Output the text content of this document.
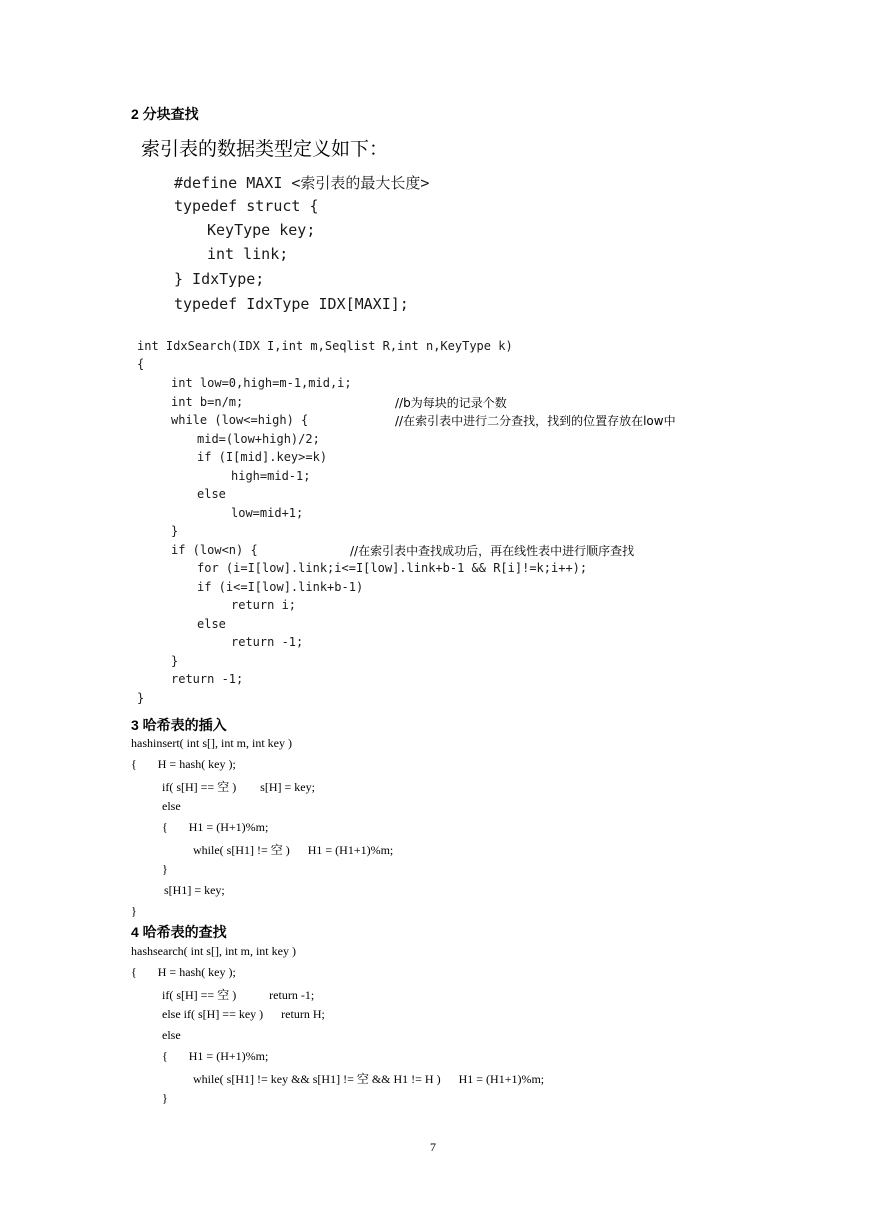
2 分块查找
索引表的数据类型定义如下：
#define MAXI <索引表的最大长度>
typedef struct {
KeyType key;
int link;
} IdxType;
typedef IdxType IDX[MAXI];
int IdxSearch(IDX I,int m,Seqlist R,int n,KeyType k)
{
int low=0,high=m-1,mid,i;
int b=n/m;
while (low<=high) {
mid=(low+high)/2;
if (I[mid].key>=k)
high=mid-1;
else
low=mid+1;
}
if (low<n) {
for (i=I[low].link;i<=I[low].link+b-1 && R[i]!=k;i++);
if (i<=I[low].link+b-1)
return i;
else
return -1;
}
return -1;
}
//b为每块的记录个数
//在索引表中进行二分查找，找到的位置存放在low中
//在索引表中查找成功后，再在线性表中进行顺序查找
3 哈希表的插入
hashinsert( int s[], int m, int key )
{       H = hash( key );
if( s[H] == 空 )        s[H] = key;
else
{       H1 = (H+1)%m;
while( s[H1] != 空 )      H1 = (H1+1)%m;
}
s[H1] = key;
}
4 哈希表的查找
hashsearch( int s[], int m, int key )
{       H = hash( key );
if( s[H] == 空 )           return -1;
else if( s[H] == key )      return H;
else
{       H1 = (H+1)%m;
while( s[H1] != key && s[H1] != 空 && H1 != H )      H1 = (H1+1)%m;
}
7
